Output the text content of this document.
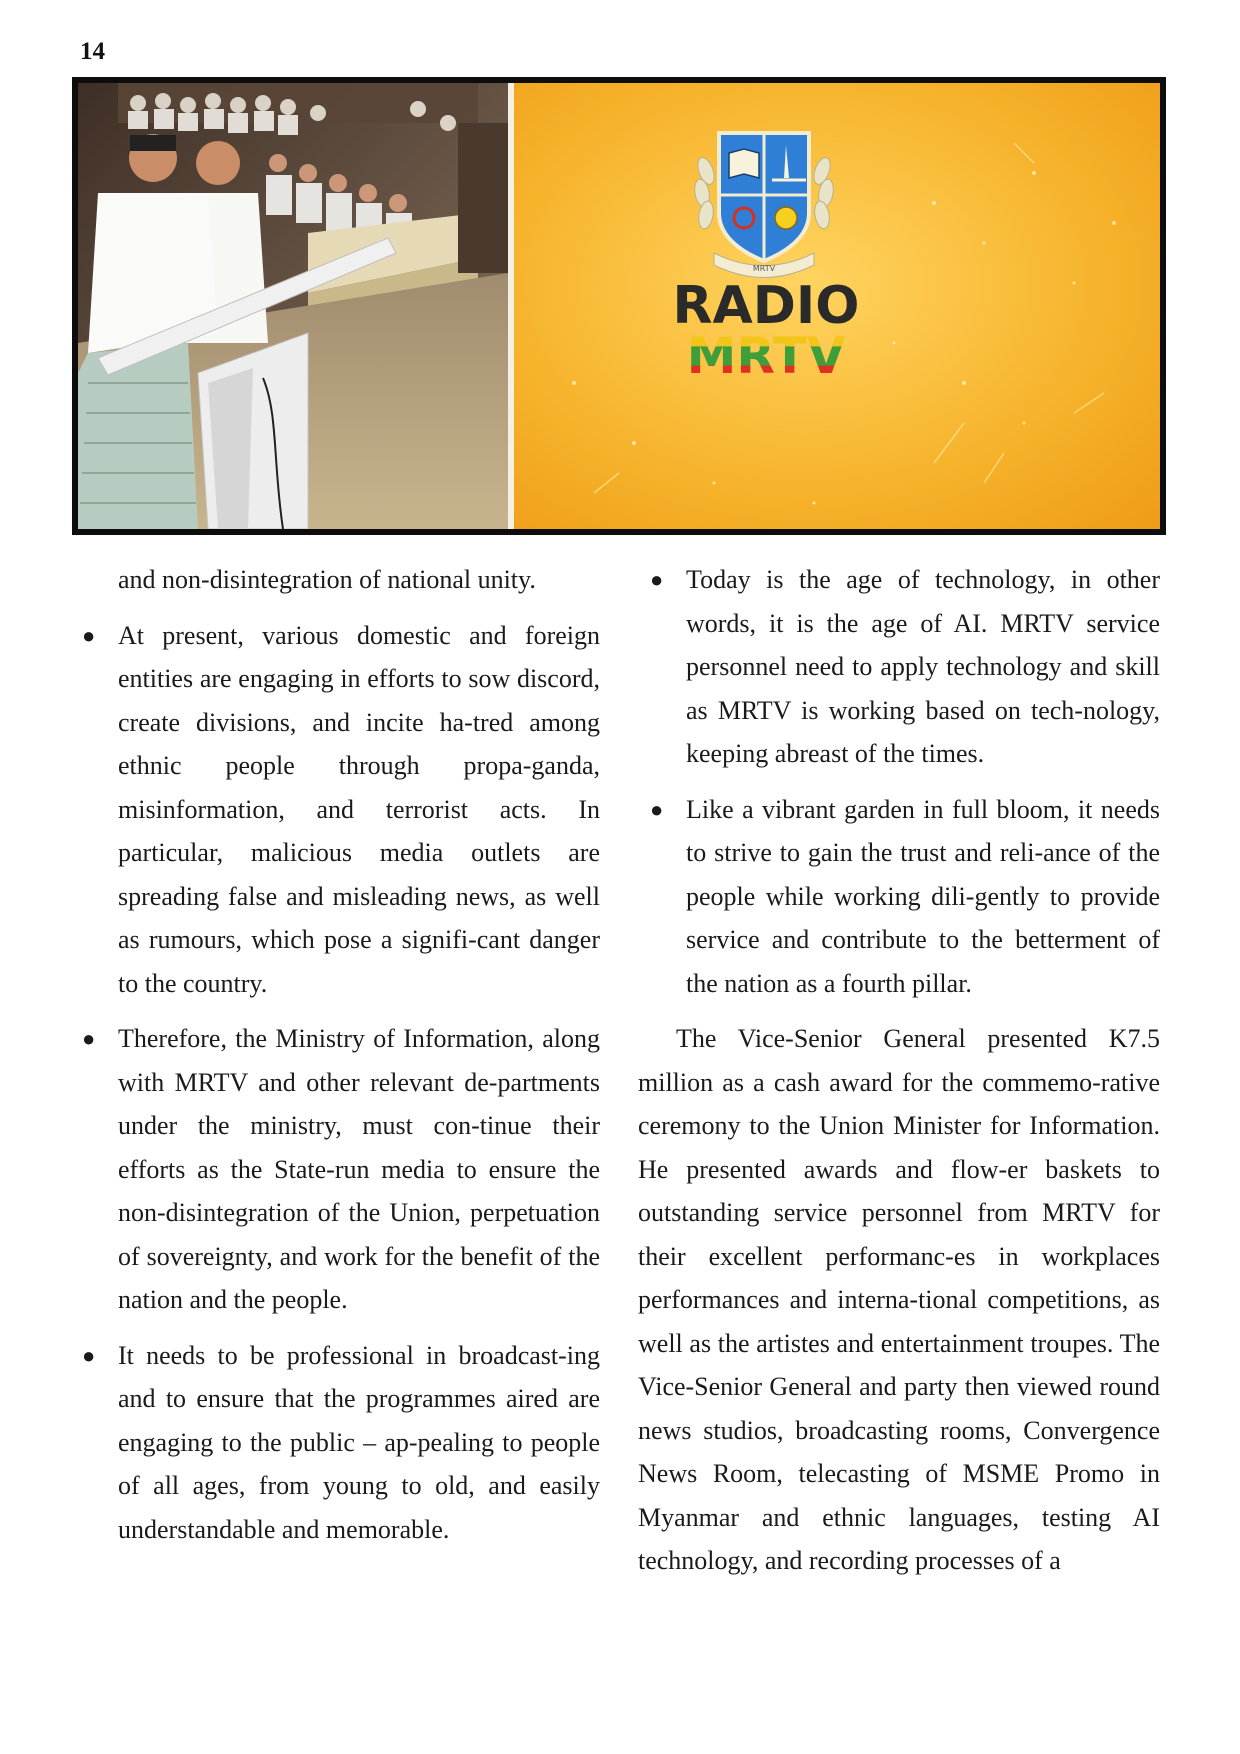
14
MRTV
RADIO
MRTV

and non-disintegration of national unity.

● At present, various domestic and foreign entities are engaging in efforts to sow discord, create divisions, and incite ha-tred among ethnic people through propa-ganda, misinformation, and terrorist acts. In particular, malicious media outlets are spreading false and misleading news, as well as rumours, which pose a signifi-cant danger to the country.
● Therefore, the Ministry of Information, along with MRTV and other relevant de-partments under the ministry, must con-tinue their efforts as the State-run media to ensure the non-disintegration of the Union, perpetuation of sovereignty, and work for the benefit of the nation and the people.
● It needs to be professional in broadcast-ing and to ensure that the programmes aired are engaging to the public – ap-pealing to people of all ages, from young to old, and easily understandable and memorable.
● Today is the age of technology, in other words, it is the age of AI. MRTV service personnel need to apply technology and skill as MRTV is working based on tech-nology, keeping abreast of the times.
● Like a vibrant garden in full bloom, it needs to strive to gain the trust and reli-ance of the people while working dili-gently to provide service and contribute to the betterment of the nation as a fourth pillar.

The Vice-Senior General presented K7.5 million as a cash award for the commemo-rative ceremony to the Union Minister for Information. He presented awards and flow-er baskets to outstanding service personnel from MRTV for their excellent performanc-es in workplaces performances and interna-tional competitions, as well as the artistes and entertainment troupes. The Vice-Senior General and party then viewed round news studios, broadcasting rooms, Convergence News Room, telecasting of MSME Promo in Myanmar and ethnic languages, testing AI technology, and recording processes of a
